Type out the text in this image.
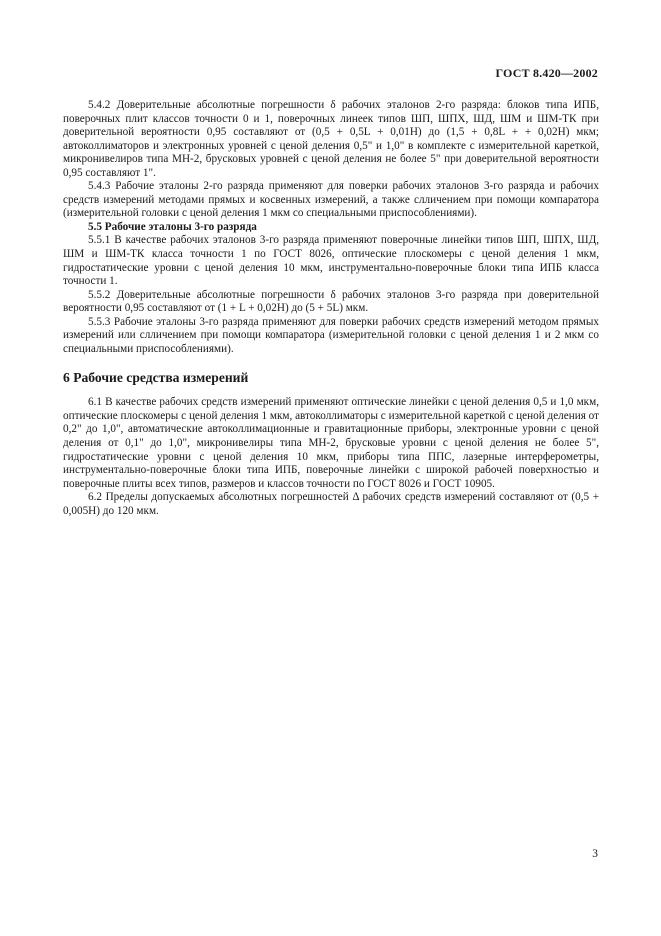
ГОСТ 8.420—2002

5.4.2 Доверительные абсолютные погрешности δ рабочих эталонов 2-го разряда: блоков типа ИПБ, поверочных плит классов точности 0 и 1, поверочных линеек типов ШП, ШПХ, ШД, ШМ и ШМ-ТК при доверительной вероятности 0,95 составляют от (0,5 + 0,5L + 0,01H) до (1,5 + 0,8L + + 0,02H) мкм; автоколлиматоров и электронных уровней с ценой деления 0,5" и 1,0" в комплекте с измерительной кареткой, микронивелиров типа МН-2, брусковых уровней с ценой деления не более 5" при доверительной вероятности 0,95 составляют 1".

5.4.3 Рабочие эталоны 2-го разряда применяют для поверки рабочих эталонов 3-го разряда и рабочих средств измерений методами прямых и косвенных измерений, а также слличением при помощи компаратора (измерительной головки с ценой деления 1 мкм со специальными приспособлениями).

5.5 Рабочие эталоны 3-го разряда

5.5.1 В качестве рабочих эталонов 3-го разряда применяют поверочные линейки типов ШП, ШПХ, ШД, ШМ и ШМ-ТК класса точности 1 по ГОСТ 8026, оптические плоскомеры с ценой деления 1 мкм, гидростатические уровни с ценой деления 10 мкм, инструментально-поверочные блоки типа ИПБ класса точности 1.

5.5.2 Доверительные абсолютные погрешности δ рабочих эталонов 3-го разряда при доверительной вероятности 0,95 составляют от (1 + L + 0,02H) до (5 + 5L) мкм.

5.5.3 Рабочие эталоны 3-го разряда применяют для поверки рабочих средств измерений методом прямых измерений или слличением при помощи компаратора (измерительной головки с ценой деления 1 и 2 мкм со специальными приспособлениями).

6 Рабочие средства измерений

6.1 В качестве рабочих средств измерений применяют оптические линейки с ценой деления 0,5 и 1,0 мкм, оптические плоскомеры с ценой деления 1 мкм, автоколлиматоры с измерительной кареткой с ценой деления от 0,2" до 1,0", автоматические автоколлимационные и гравитационные приборы, электронные уровни с ценой деления от 0,1" до 1,0", микронивелиры типа МН-2, брусковые уровни с ценой деления не более 5", гидростатические уровни с ценой деления 10 мкм, приборы типа ППС, лазерные интерферометры, инструментально-поверочные блоки типа ИПБ, поверочные линейки с широкой рабочей поверхностью и поверочные плиты всех типов, размеров и классов точности по ГОСТ 8026 и ГОСТ 10905.

6.2 Пределы допускаемых абсолютных погрешностей Δ рабочих средств измерений составляют от (0,5 + 0,005H) до 120 мкм.

3
